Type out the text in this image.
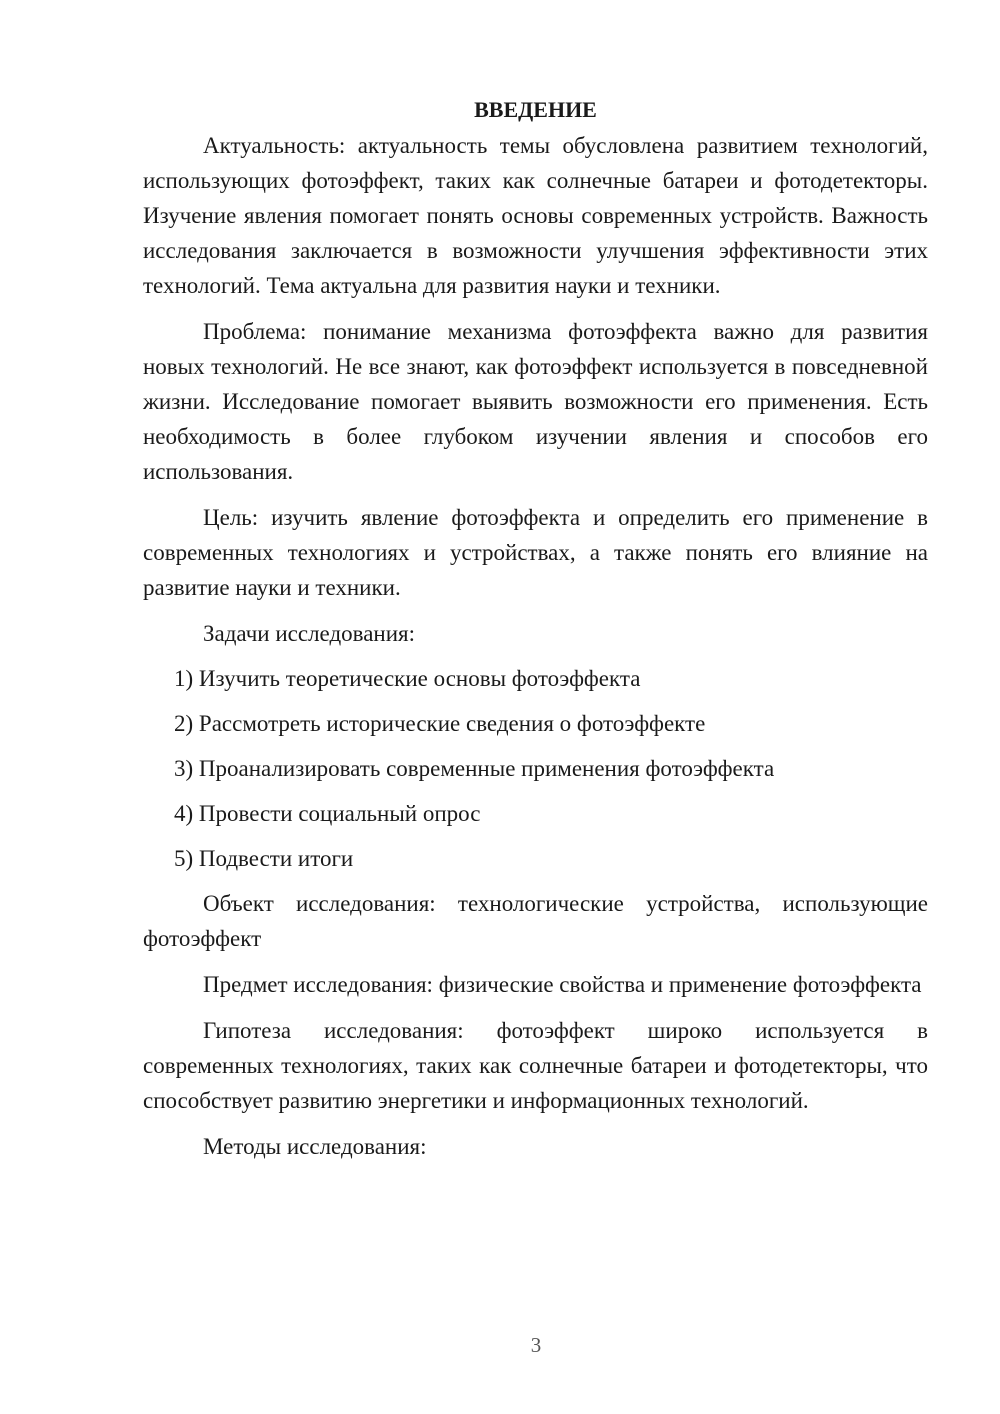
ВВЕДЕНИЕ

Актуальность: актуальность темы обусловлена развитием технологий, использующих фотоэффект, таких как солнечные батареи и фотодетекторы. Изучение явления помогает понять основы современных устройств. Важность исследования заключается в возможности улучшения эффективности этих технологий. Тема актуальна для развития науки и техники.

Проблема: понимание механизма фотоэффекта важно для развития новых технологий. Не все знают, как фотоэффект используется в повседневной жизни. Исследование помогает выявить возможности его применения. Есть необходимость в более глубоком изучении явления и способов его использования.

Цель: изучить явление фотоэффекта и определить его применение в современных технологиях и устройствах, а также понять его влияние на развитие науки и техники.

Задачи исследования:

1) Изучить теоретические основы фотоэффекта
2) Рассмотреть исторические сведения о фотоэффекте
3) Проанализировать современные применения фотоэффекта
4) Провести социальный опрос
5) Подвести итоги

Объект исследования: технологические устройства, использующие фотоэффект

Предмет исследования: физические свойства и применение фотоэффекта

Гипотеза исследования: фотоэффект широко используется в современных технологиях, таких как солнечные батареи и фотодетекторы, что способствует развитию энергетики и информационных технологий.

Методы исследования:

3
